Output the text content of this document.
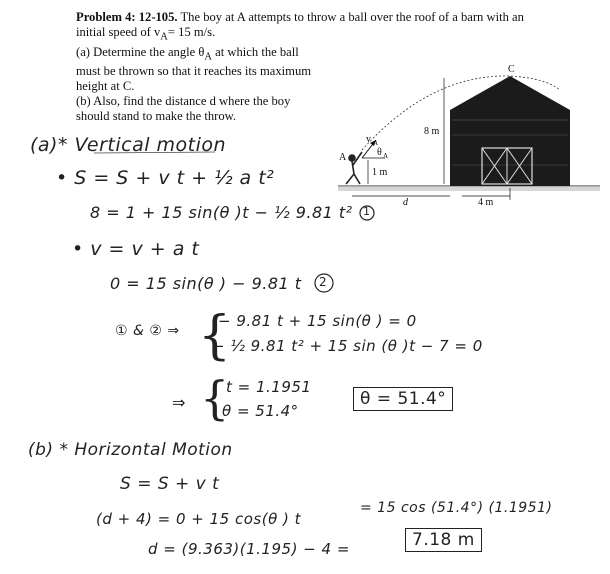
Problem 4: 12-105. The boy at A attempts to throw a ball over the roof of a barn with an initial speed of $v_A= 15$ m/s.

(a) Determine the angle $\theta_A$ at which the ball must be thrown so that it reaches its maximum height at C.

(b) Also, find the distance d where the boy should stand to make the throw.

C
A
v A
θ A
1 m
8 m
d	4 m
(a)* Vertical motion
• S = S + v t + ½ a t²
8 = 1 + 15 sin(θ )t − ½ 9.81 t² 1
• v = v + a t
0 = 15 sin(θ ) − 9.81 t 2
① & ② ⇒ {
− 9.81 t + 15 sin(θ ) = 0
− ½ 9.81 t² + 15 sin (θ )t − 7 = 0
⇒ {
t = 1.1951
θ = 51.4°
θ = 51.4°
(b) * Horizontal Motion
S = S + v t
(d + 4) = 0 + 15 cos(θ ) t
= 15 cos (51.4°) (1.1951)
d = (9.363)(1.195) − 4 =	7.18 m
